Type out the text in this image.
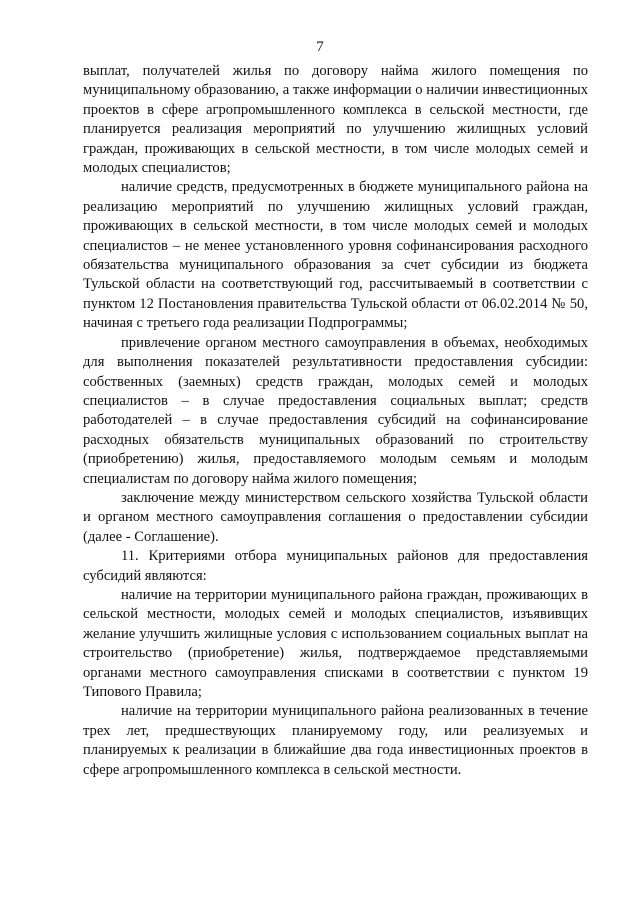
7

выплат, получателей жилья по договору найма жилого помещения по муниципальному образованию, а также информации о наличии инвестиционных проектов в сфере агропромышленного комплекса в сельской местности, где планируется реализация мероприятий по улучшению жилищных условий граждан, проживающих в сельской местности, в том числе молодых семей и молодых специалистов;

наличие средств, предусмотренных в бюджете муниципального района на реализацию мероприятий по улучшению жилищных условий граждан, проживающих в сельской местности, в том числе молодых семей и молодых специалистов – не менее установленного уровня софинансирования расходного обязательства муниципального образования за счет субсидии из бюджета Тульской области на соответствующий год, рассчитываемый в соответствии с пунктом 12 Постановления правительства Тульской области от 06.02.2014 № 50, начиная с третьего года реализации Подпрограммы;

привлечение органом местного самоуправления в объемах, необходимых для выполнения показателей результативности предоставления субсидии: собственных (заемных) средств граждан, молодых семей и молодых специалистов – в случае предоставления социальных выплат; средств работодателей – в случае предоставления субсидий на софинансирование расходных обязательств муниципальных образований по строительству (приобретению) жилья, предоставляемого молодым семьям и молодым специалистам по договору найма жилого помещения;

заключение между министерством сельского хозяйства Тульской области и органом местного самоуправления соглашения о предоставлении субсидии (далее - Соглашение).

11. Критериями отбора муниципальных районов для предоставления субсидий являются:

наличие на территории муниципального района граждан, проживающих в сельской местности, молодых семей и молодых специалистов, изъявивщих желание улучшить жилищные условия с использованием социальных выплат на строительство (приобретение) жилья, подтверждаемое представляемыми органами местного самоуправления списками в соответствии с пунктом 19 Типового Правила;

наличие на территории муниципального района реализованных в течение трех лет, предшествующих планируемому году, или реализуемых и планируемых к реализации в ближайшие два года инвестиционных проектов в сфере агропромышленного комплекса в сельской местности.
